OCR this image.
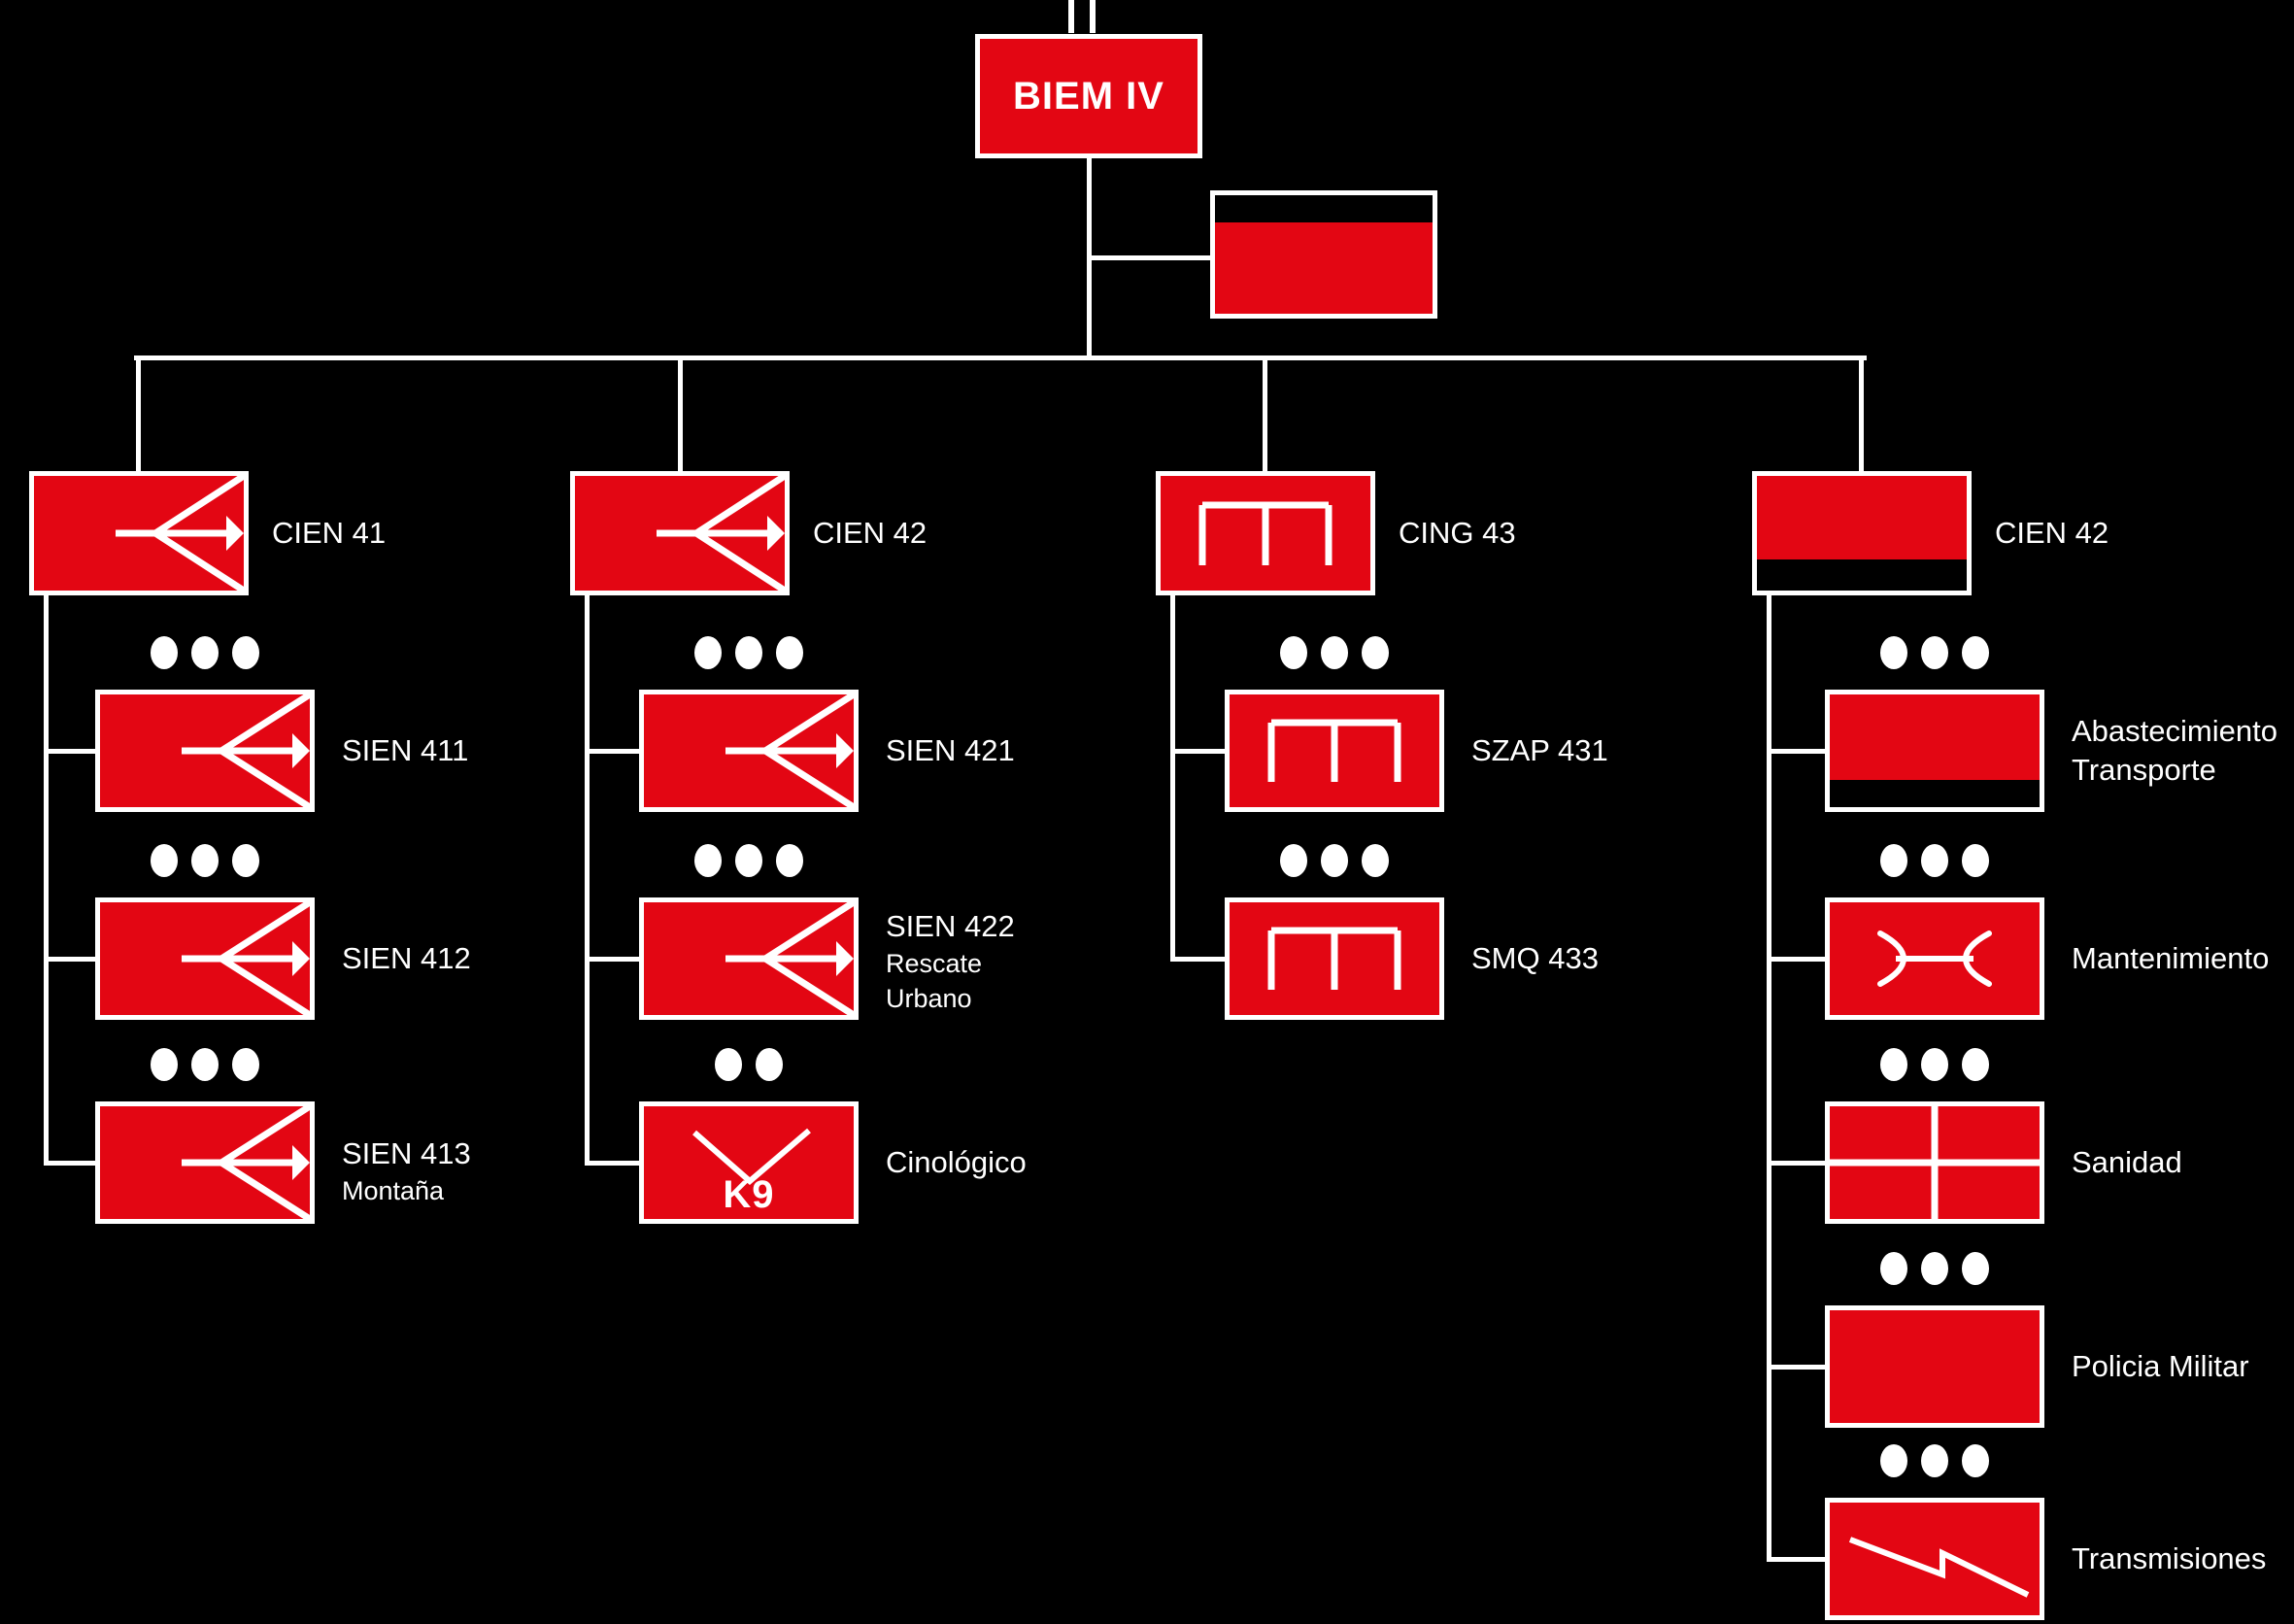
BIEM IV
CIEN 41
SIEN 411
SIEN 412
SIEN 413
Montaña
CIEN 42
SIEN 421
SIEN 422
Rescate
Urbano
K9
Cinológico
CING 43
SZAP 431
SMQ 433
CIEN 42
Abastecimiento
Transporte
Mantenimiento
Sanidad
Policia Militar
Transmisiones
